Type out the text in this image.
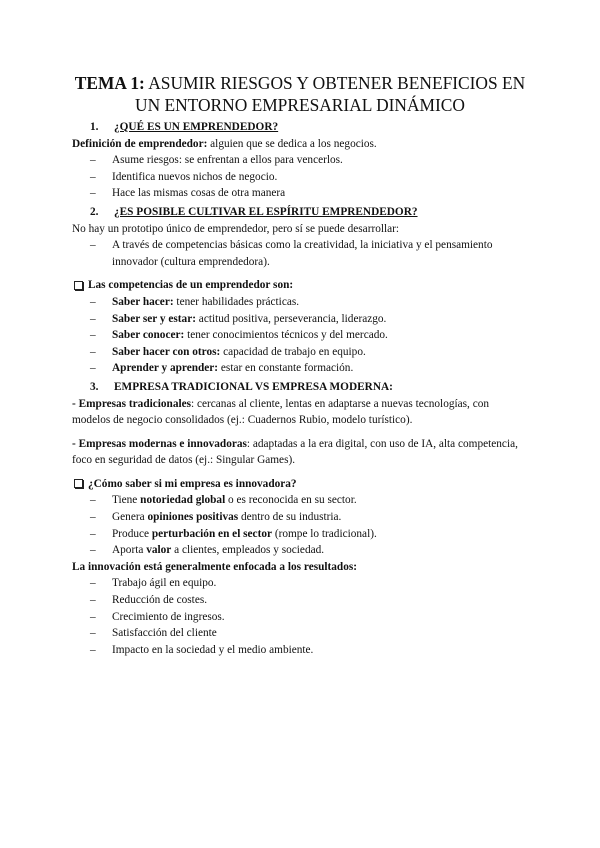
TEMA 1: ASUMIR RIESGOS Y OBTENER BENEFICIOS EN UN ENTORNO EMPRESARIAL DINÁMICO
1.	¿QUÉ ES UN EMPRENDEDOR?

Definición de emprendedor: alguien que se dedica a los negocios.

– Asume riesgos: se enfrentan a ellos para vencerlos.
– Identifica nuevos nichos de negocio.
– Hace las mismas cosas de otra manera
2.	¿ES POSIBLE CULTIVAR EL ESPÍRITU EMPRENDEDOR?

No hay un prototipo único de emprendedor, pero sí se puede desarrollar:

– A través de competencias básicas como la creatividad, la iniciativa y el pensamiento innovador (cultura emprendedora).
Las competencias de un emprendedor son:
– Saber hacer: tener habilidades prácticas.
– Saber ser y estar: actitud positiva, perseverancia, liderazgo.
– Saber conocer: tener conocimientos técnicos y del mercado.
– Saber hacer con otros: capacidad de trabajo en equipo.
– Aprender y aprender: estar en constante formación.
3.	EMPRESA TRADICIONAL VS EMPRESA MODERNA:

- Empresas tradicionales: cercanas al cliente, lentas en adaptarse a nuevas tecnologías, con modelos de negocio consolidados (ej.: Cuadernos Rubio, modelo turístico).

- Empresas modernas e innovadoras: adaptadas a la era digital, con uso de IA, alta competencia, foco en seguridad de datos (ej.: Singular Games).

¿Cómo saber si mi empresa es innovadora?
– Tiene notoriedad global o es reconocida en su sector.
– Genera opiniones positivas dentro de su industria.
– Produce perturbación en el sector (rompe lo tradicional).
– Aporta valor a clientes, empleados y sociedad.
La innovación está generalmente enfocada a los resultados:
– Trabajo ágil en equipo.
– Reducción de costes.
– Crecimiento de ingresos.
– Satisfacción del cliente
– Impacto en la sociedad y el medio ambiente.
